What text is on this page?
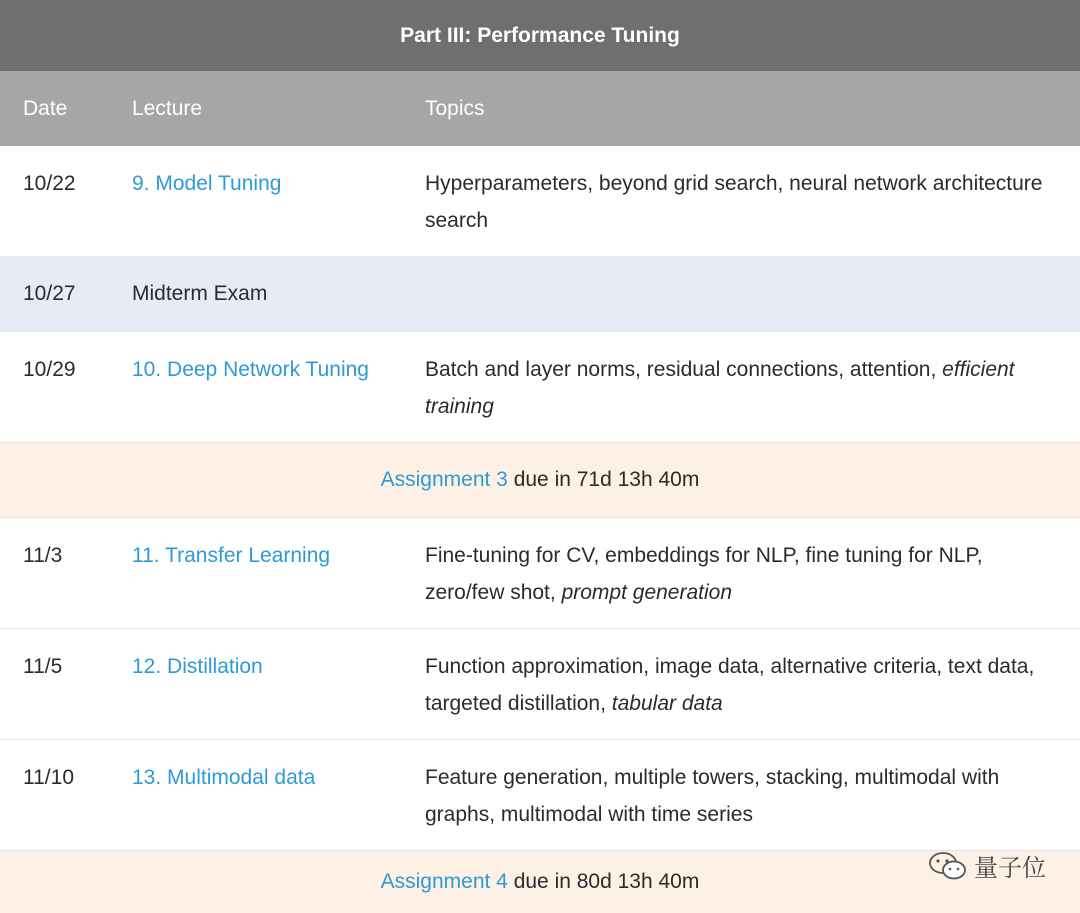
Part III: Performance Tuning
Date	Lecture	Topics
10/22	9. Model Tuning	Hyperparameters, beyond grid search, neural network architecture search
10/27	Midterm Exam
10/29	10. Deep Network Tuning	Batch and layer norms, residual connections, attention, efficient training
Assignment 3
due in 71d 13h 40m
11/3	11. Transfer Learning	Fine-tuning for CV, embeddings for NLP, fine tuning for NLP, zero/few shot, prompt generation
11/5	12. Distillation	Function approximation, image data, alternative criteria, text data, targeted distillation, tabular data
11/10	13. Multimodal data	Feature generation, multiple towers, stacking, multimodal with graphs, multimodal with time series
Assignment 4
due in 80d 13h 40m	量子位
